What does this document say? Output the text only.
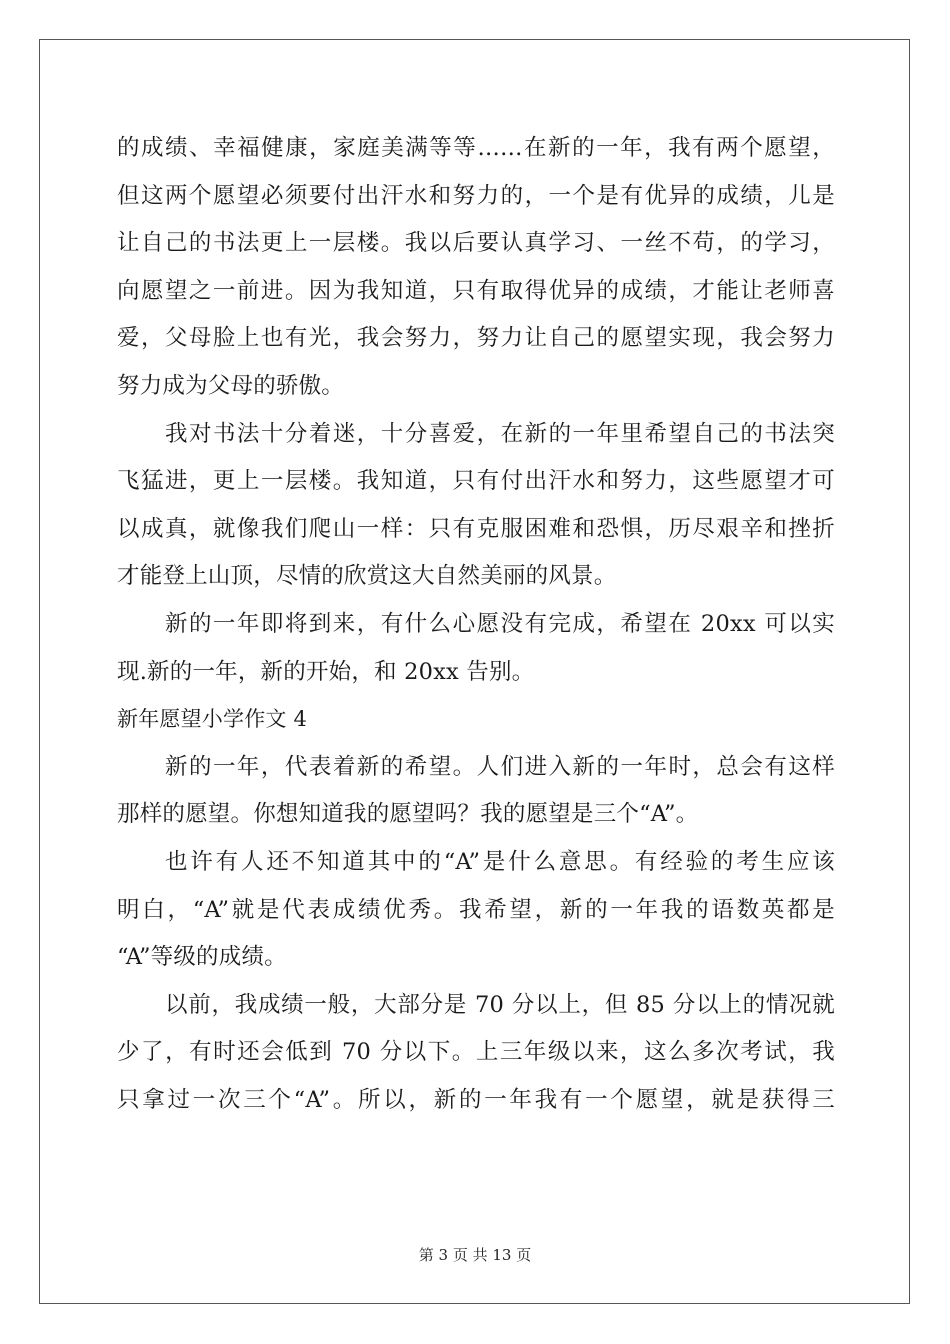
的成绩、幸福健康，家庭美满等等……在新的一年，我有两个愿望，
但这两个愿望必须要付出汗水和努力的，一个是有优异的成绩，儿是
让自己的书法更上一层楼。我以后要认真学习、一丝不苟，的学习，
向愿望之一前进。因为我知道，只有取得优异的成绩，才能让老师喜
爱，父母脸上也有光，我会努力，努力让自己的愿望实现，我会努力
努力成为父母的骄傲。
我对书法十分着迷，十分喜爱，在新的一年里希望自己的书法突
飞猛进，更上一层楼。我知道，只有付出汗水和努力，这些愿望才可
以成真，就像我们爬山一样：只有克服困难和恐惧，历尽艰辛和挫折
才能登上山顶，尽情的欣赏这大自然美丽的风景。
新的一年即将到来，有什么心愿没有完成，希望在 20xx 可以实
现.新的一年，新的开始，和 20xx 告别。
新年愿望小学作文 4
新的一年，代表着新的希望。人们进入新的一年时，总会有这样
那样的愿望。你想知道我的愿望吗？我的愿望是三个“A”。
也许有人还不知道其中的“A”是什么意思。有经验的考生应该
明白，“A”就是代表成绩优秀。我希望，新的一年我的语数英都是
“A”等级的成绩。
以前，我成绩一般，大部分是 70 分以上，但 85 分以上的情况就
少了，有时还会低到 70 分以下。上三年级以来，这么多次考试，我
只拿过一次三个“A”。所以，新的一年我有一个愿望，就是获得三
第 3 页 共 13 页
